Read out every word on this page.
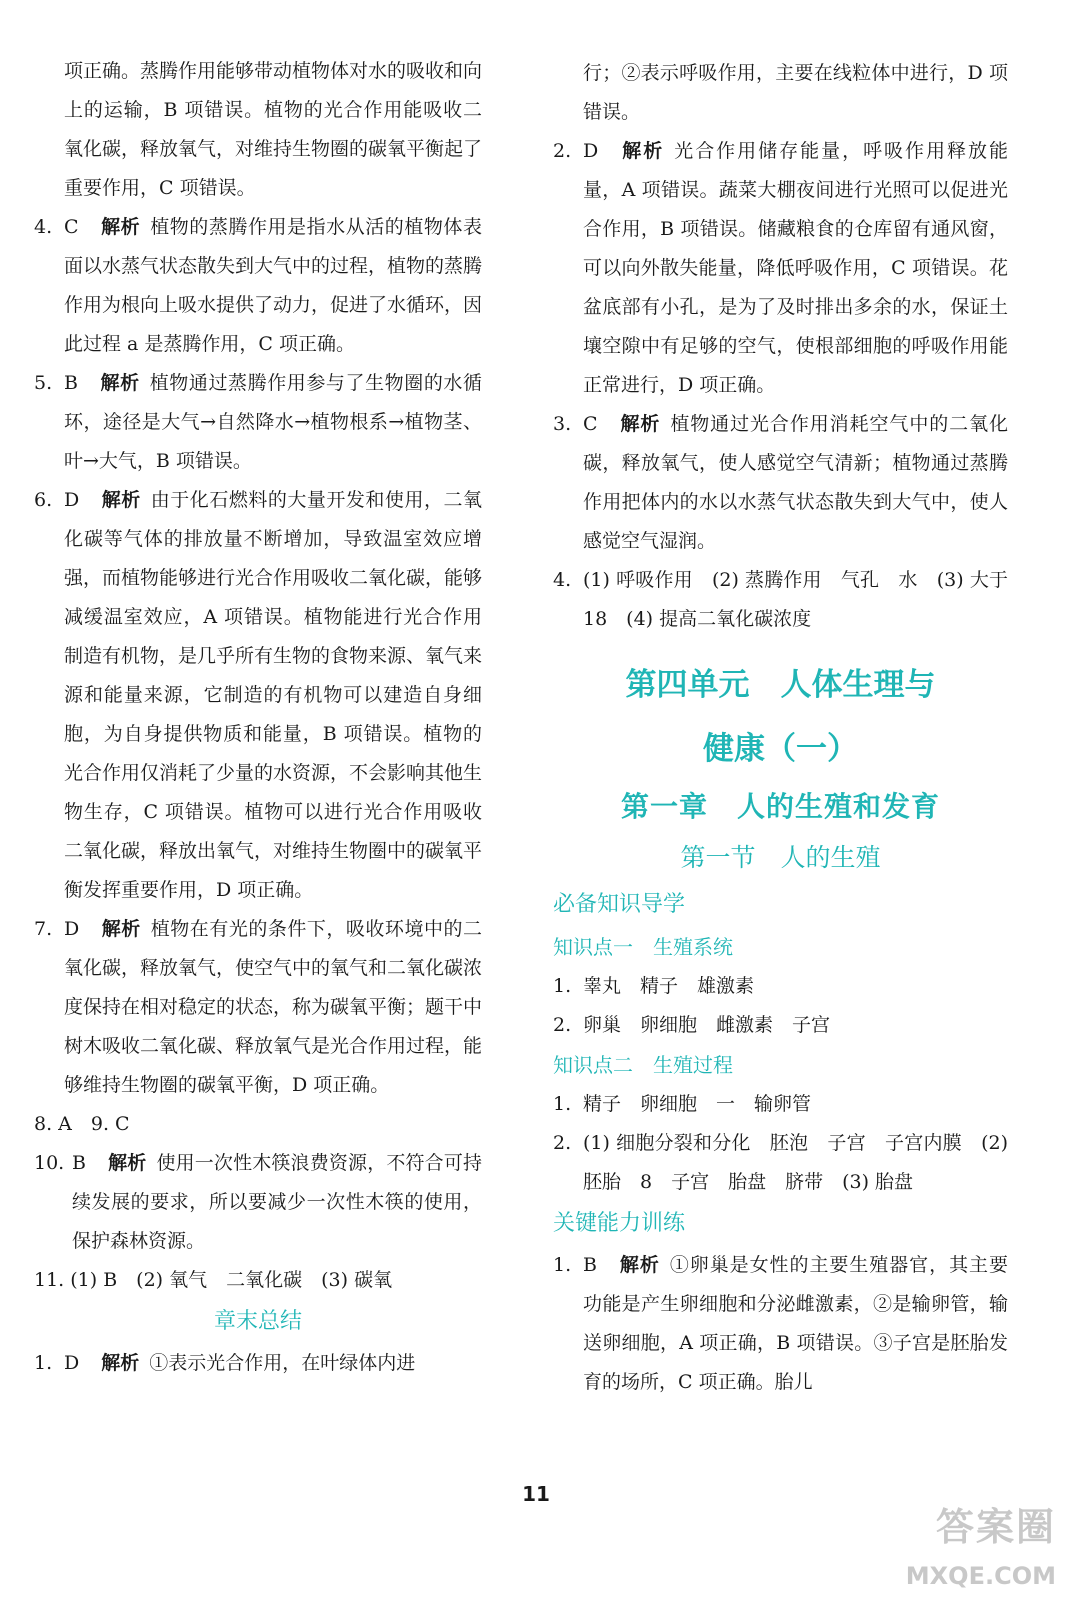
项正确。蒸腾作用能够带动植物体对水的吸收和向上的运输，B 项错误。植物的光合作用能吸收二氧化碳，释放氧气，对维持生物圈的碳氧平衡起了重要作用，C 项错误。
4. C 解析 植物的蒸腾作用是指水从活的植物体表面以水蒸气状态散失到大气中的过程，植物的蒸腾作用为根向上吸水提供了动力，促进了水循环，因此过程 a 是蒸腾作用，C 项正确。
5. B 解析 植物通过蒸腾作用参与了生物圈的水循环，途径是大气→自然降水→植物根系→植物茎、叶→大气，B 项错误。
6. D 解析 由于化石燃料的大量开发和使用，二氧化碳等气体的排放量不断增加，导致温室效应增强，而植物能够进行光合作用吸收二氧化碳，能够减缓温室效应，A 项错误。植物能进行光合作用制造有机物，是几乎所有生物的食物来源、氧气来源和能量来源，它制造的有机物可以建造自身细胞，为自身提供物质和能量，B 项错误。植物的光合作用仅消耗了少量的水资源，不会影响其他生物生存，C 项错误。植物可以进行光合作用吸收二氧化碳，释放出氧气，对维持生物圈中的碳氧平衡发挥重要作用，D 项正确。
7. D 解析 植物在有光的条件下，吸收环境中的二氧化碳，释放氧气，使空气中的氧气和二氧化碳浓度保持在相对稳定的状态，称为碳氧平衡；题干中树木吸收二氧化碳、释放氧气是光合作用过程，能够维持生物圈的碳氧平衡，D 项正确。
8. A　9. C
10. B 解析 使用一次性木筷浪费资源，不符合可持续发展的要求，所以要减少一次性木筷的使用，保护森林资源。
11. (1) B　(2) 氧气　二氧化碳　(3) 碳氧
章末总结
1. D 解析 ①表示光合作用，在叶绿体内进
行；②表示呼吸作用，主要在线粒体中进行，D 项错误。
2. D 解析 光合作用储存能量，呼吸作用释放能量，A 项错误。蔬菜大棚夜间进行光照可以促进光合作用，B 项错误。储藏粮食的仓库留有通风窗，可以向外散失能量，降低呼吸作用，C 项错误。花盆底部有小孔，是为了及时排出多余的水，保证土壤空隙中有足够的空气，使根部细胞的呼吸作用能正常进行，D 项正确。
3. C 解析 植物通过光合作用消耗空气中的二氧化碳，释放氧气，使人感觉空气清新；植物通过蒸腾作用把体内的水以水蒸气状态散失到大气中，使人感觉空气湿润。
4. (1) 呼吸作用　(2) 蒸腾作用　气孔　水　(3) 大于　18　(4) 提高二氧化碳浓度
第四单元　人体生理与
健康（一）
第一章　人的生殖和发育
第一节　人的生殖
必备知识导学
知识点一　生殖系统
1. 睾丸　精子　雄激素
2. 卵巢　卵细胞　雌激素　子宫
知识点二　生殖过程
1. 精子　卵细胞　一　输卵管
2. (1) 细胞分裂和分化　胚泡　子宫　子宫内膜　(2) 胚胎　8　子宫　胎盘　脐带　(3) 胎盘
关键能力训练
1. B 解析 ①卵巢是女性的主要生殖器官，其主要功能是产生卵细胞和分泌雌激素，②是输卵管，输送卵细胞，A 项正确，B 项错误。③子宫是胚胎发育的场所，C 项正确。胎儿
11
答案圈
MXQE.COM
